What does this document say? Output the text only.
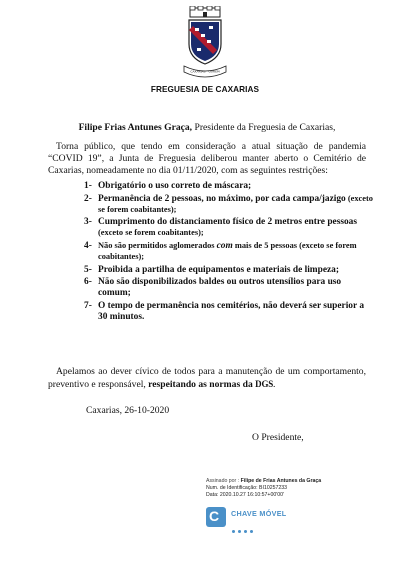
CAXARIAS · OUREM
FREGUESIA DE CAXARIAS
Filipe Frias Antunes Graça, Presidente da Freguesia de Caxarias,
Torna público, que tendo em consideração a atual situação de pandemia “COVID 19”, a Junta de Freguesia deliberou manter aberto o Cemitério de Caxarias, nomeadamente no dia 01/11/2020, com as seguintes restrições:
1- Obrigatório o uso correto de máscara;
2- Permanência de 2 pessoas, no máximo, por cada campa/jazigo (exceto se forem coabitantes);
3- Cumprimento do distanciamento físico de 2 metros entre pessoas (exceto se forem coabitantes);
4- Não são permitidos aglomerados com mais de 5 pessoas (exceto se forem coabitantes);
5- Proibida a partilha de equipamentos e materiais de limpeza;
6- Não são disponibilizados baldes ou outros utensílios para uso comum;
7- O tempo de permanência nos cemitérios, não deverá ser superior a 30 minutos.
Apelamos ao dever cívico de todos para a manutenção de um comportamento, preventivo e responsável, respeitando as normas da DGS.
Caxarias, 26-10-2020
O Presidente,
Assinado por : Filipe de Frias Antunes da Graça
Num. de Identificação: BI10257233
Data: 2020.10.27 16:10:57+00'00'
C CHAVE MÓVEL
